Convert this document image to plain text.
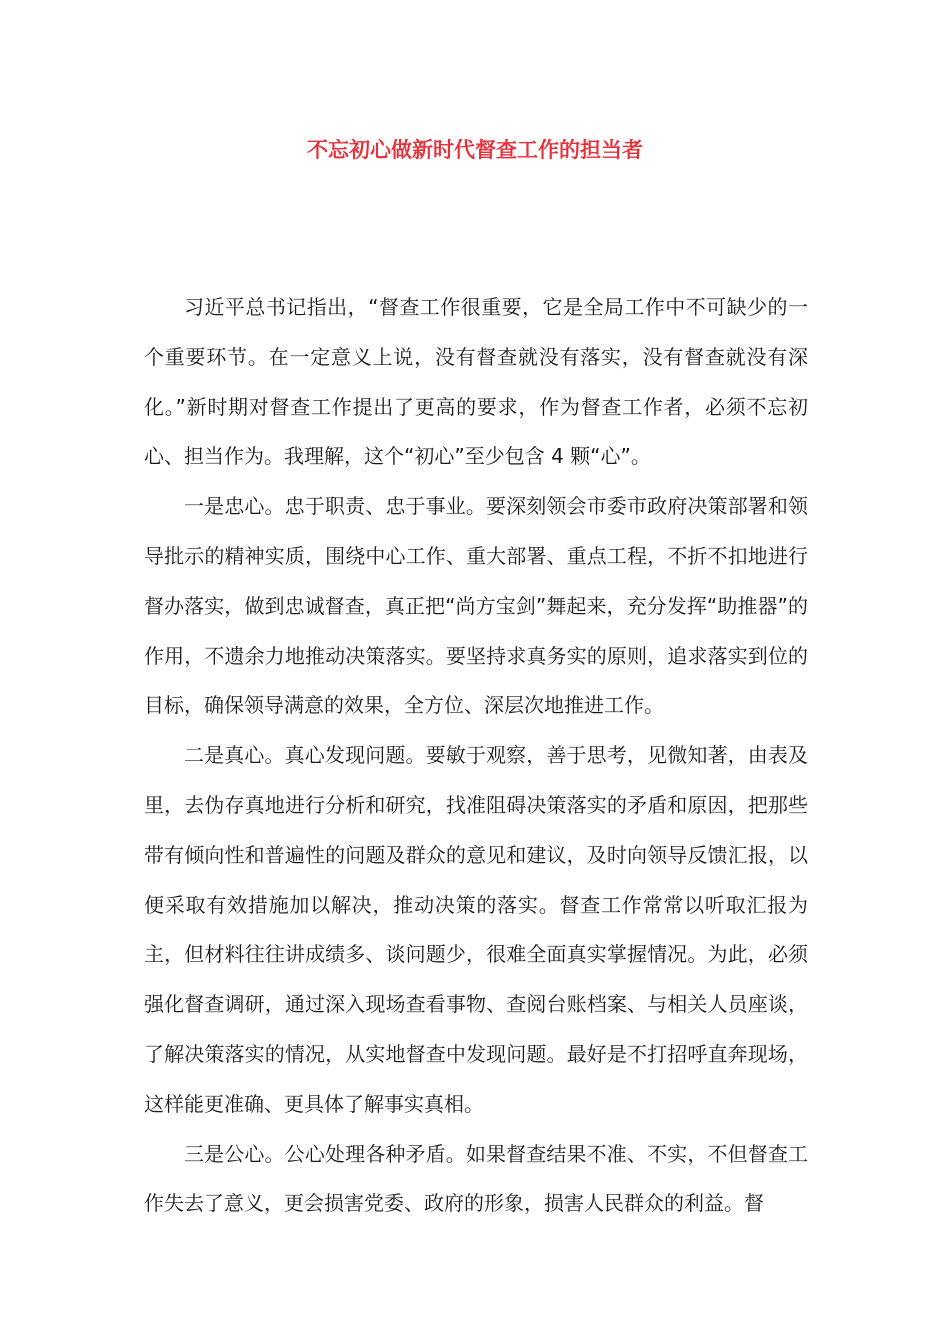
不忘初心做新时代督查工作的担当者

习近平总书记指出，“督查工作很重要，它是全局工作中不可缺少的一个重要环节。在一定意义上说，没有督查就没有落实，没有督查就没有深化。”新时期对督查工作提出了更高的要求，作为督查工作者，必须不忘初心、担当作为。我理解，这个“初心”至少包含 4 颗“心”。

一是忠心。忠于职责、忠于事业。要深刻领会市委市政府决策部署和领导批示的精神实质，围绕中心工作、重大部署、重点工程，不折不扣地进行督办落实，做到忠诚督查，真正把“尚方宝剑”舞起来，充分发挥“助推器”的作用，不遗余力地推动决策落实。要坚持求真务实的原则，追求落实到位的目标，确保领导满意的效果，全方位、深层次地推进工作。

二是真心。真心发现问题。要敏于观察，善于思考，见微知著，由表及里，去伪存真地进行分析和研究，找准阻碍决策落实的矛盾和原因，把那些带有倾向性和普遍性的问题及群众的意见和建议，及时向领导反馈汇报，以便采取有效措施加以解决，推动决策的落实。督查工作常常以听取汇报为主，但材料往往讲成绩多、谈问题少，很难全面真实掌握情况。为此，必须强化督查调研，通过深入现场查看事物、查阅台账档案、与相关人员座谈，了解决策落实的情况，从实地督查中发现问题。最好是不打招呼直奔现场，这样能更准确、更具体了解事实真相。

三是公心。公心处理各种矛盾。如果督查结果不准、不实，不但督查工作失去了意义，更会损害党委、政府的形象，损害人民群众的利益。督
